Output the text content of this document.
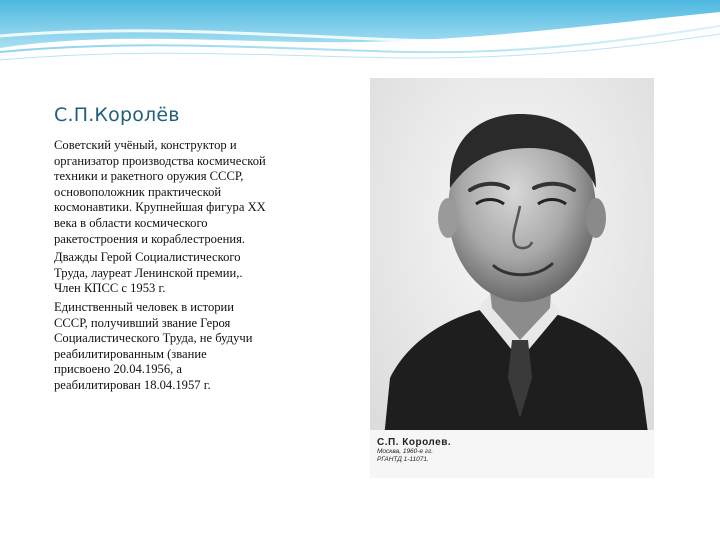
С.П.Королёв

Советский учёный, конструктор и организатор производства космической техники и ракетного оружия СССР, основоположник практической космонавтики. Крупнейшая фигура XX века в области космического ракетостроения и кораблестроения.

Дважды Герой Социалистического Труда, лауреат Ленинской премии,. Член КПСС с 1953 г.

Единственный человек в истории СССР, получивший звание Героя Социалистического Труда, не будучи реабилитированным (звание присвоено 20.04.1956, а реабилитирован 18.04.1957 г.

С.П. Королев.
Москва, 1960-е гг.
РГАНТД 1-11071.
